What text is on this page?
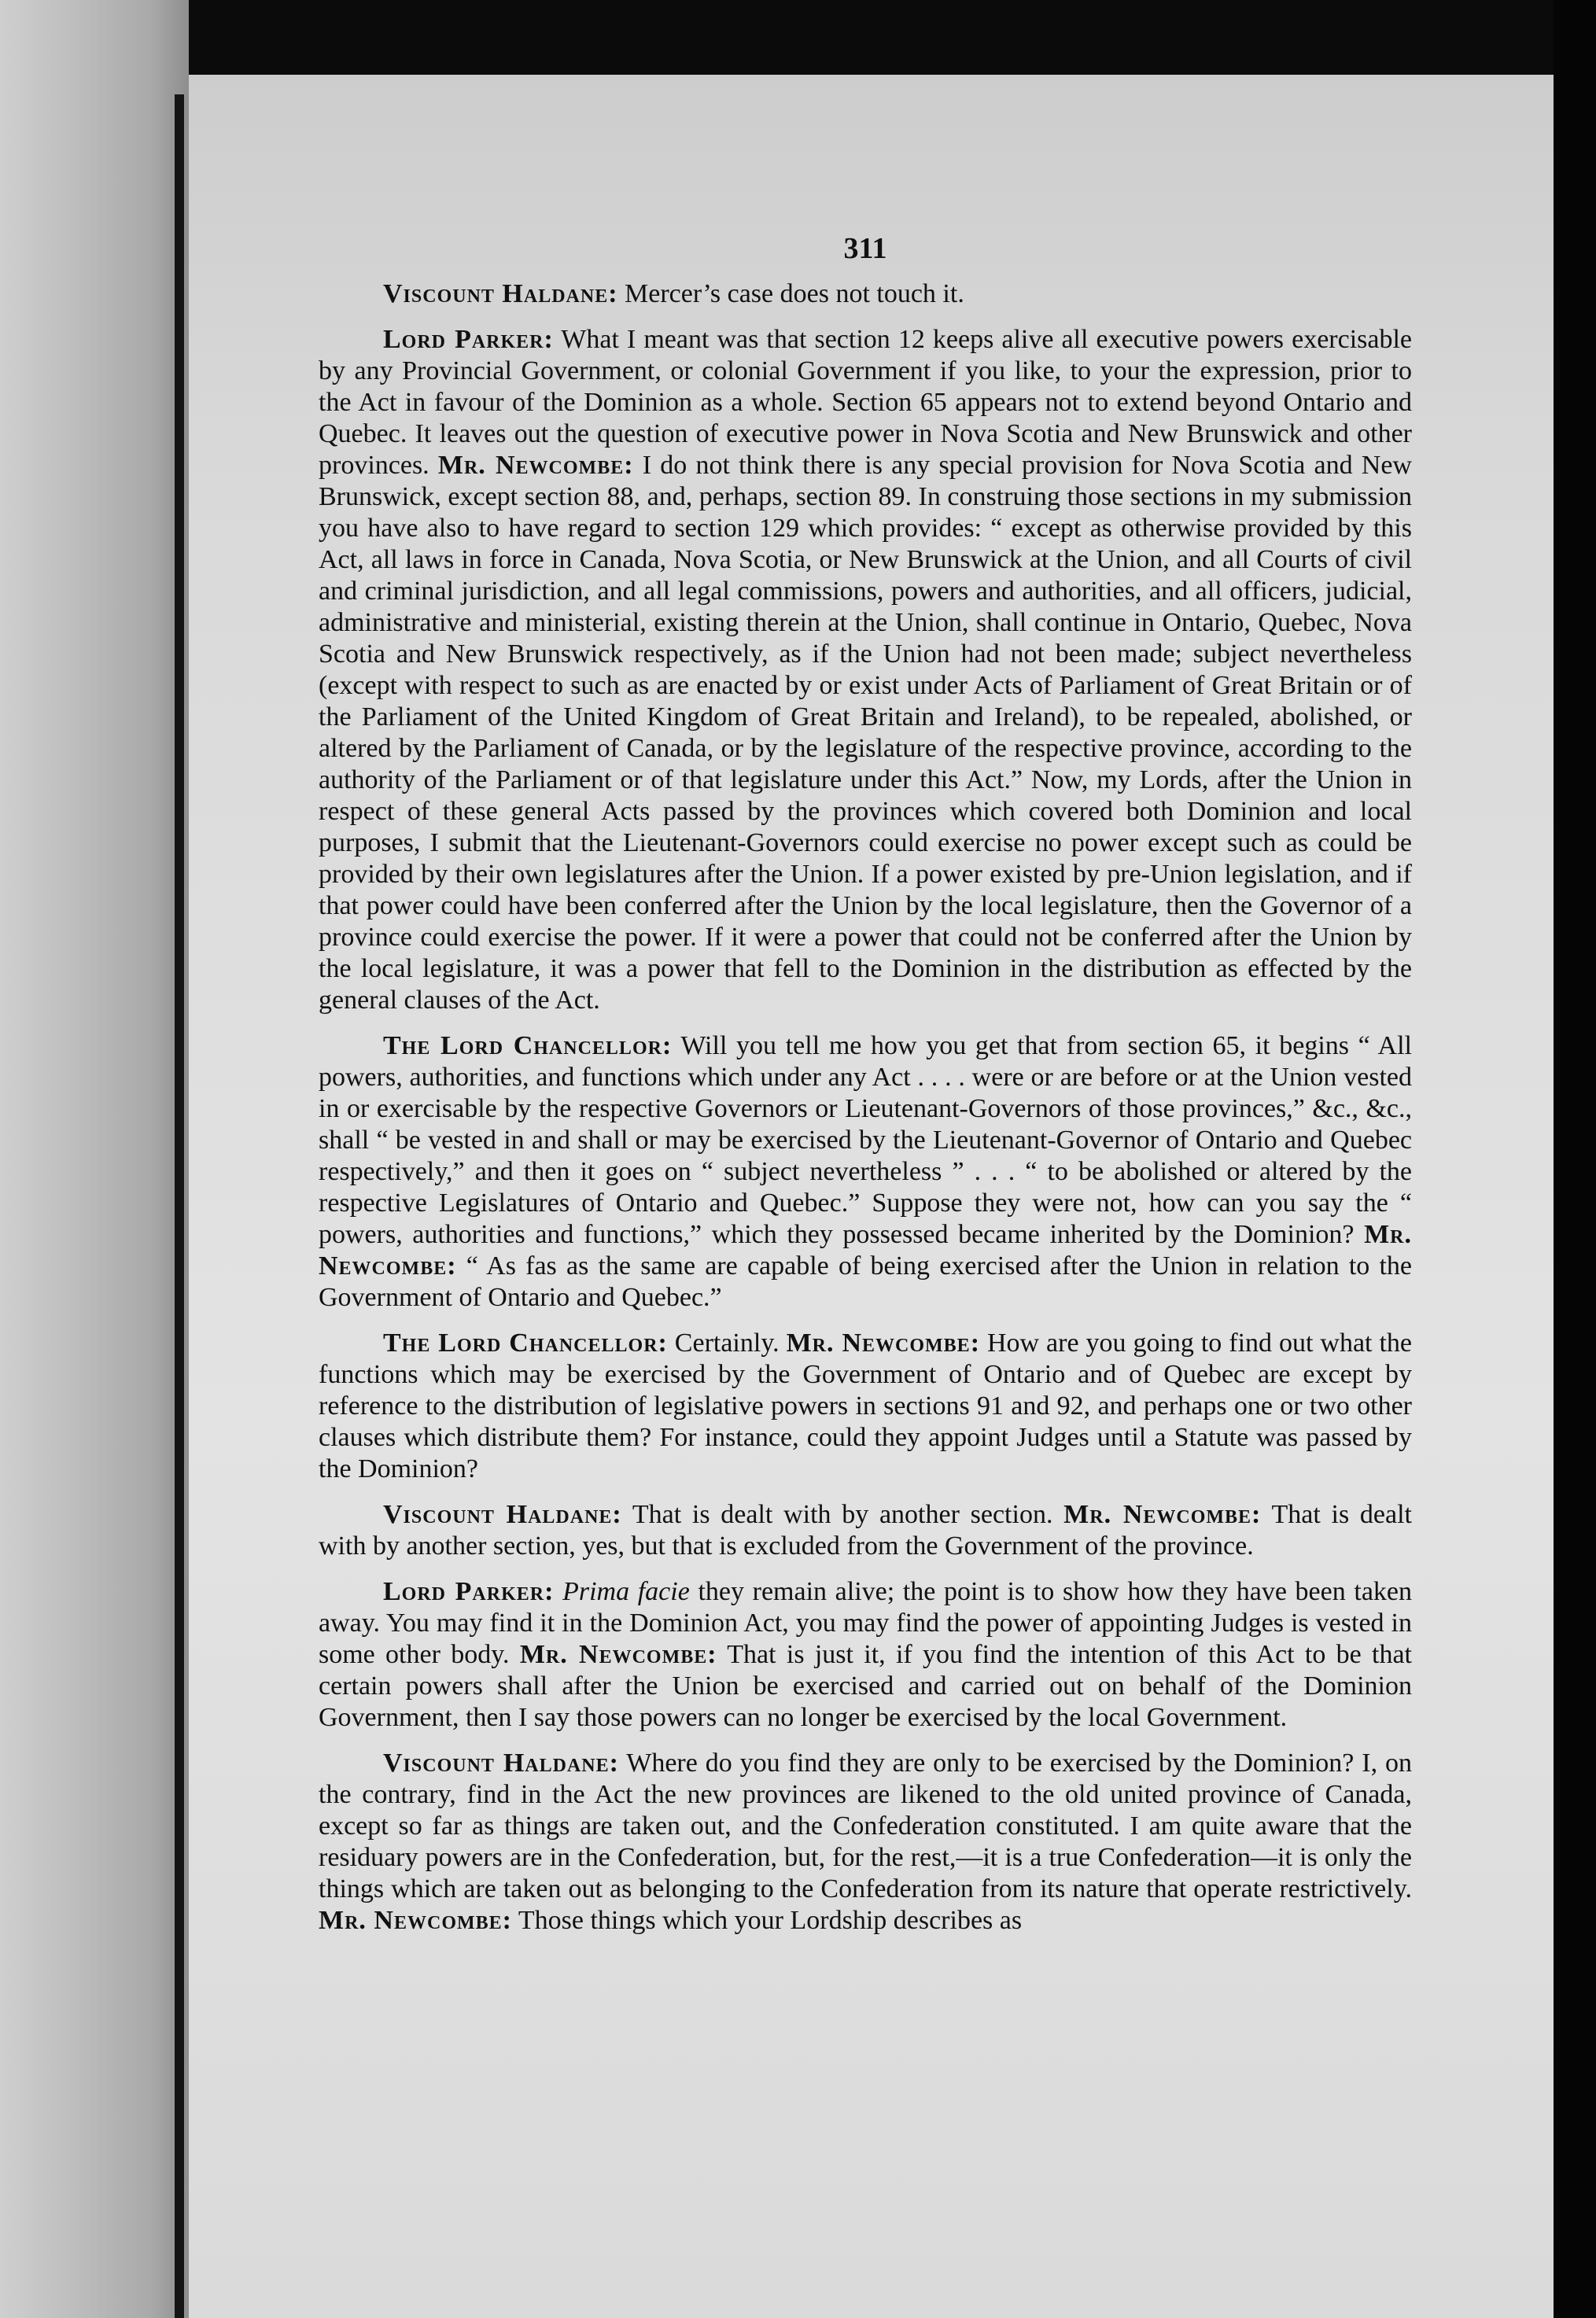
311

Viscount Haldane: Mercer’s case does not touch it.

Lord Parker: What I meant was that section 12 keeps alive all executive powers exercisable by any Provincial Government, or colonial Government if you like, to your the expression, prior to the Act in favour of the Dominion as a whole. Section 65 appears not to extend beyond Ontario and Quebec. It leaves out the question of executive power in Nova Scotia and New Brunswick and other provinces. Mr. Newcombe: I do not think there is any special provision for Nova Scotia and New Brunswick, except section 88, and, perhaps, section 89. In construing those sections in my submission you have also to have regard to section 129 which provides: “ except as otherwise provided by this Act, all laws in force in Canada, Nova Scotia, or New Brunswick at the Union, and all Courts of civil and criminal jurisdiction, and all legal commissions, powers and authorities, and all officers, judicial, administrative and ministerial, existing therein at the Union, shall continue in Ontario, Quebec, Nova Scotia and New Brunswick respectively, as if the Union had not been made; subject nevertheless (except with respect to such as are enacted by or exist under Acts of Parliament of Great Britain or of the Parliament of the United Kingdom of Great Britain and Ireland), to be repealed, abolished, or altered by the Parliament of Canada, or by the legislature of the respective province, according to the authority of the Parliament or of that legislature under this Act.” Now, my Lords, after the Union in respect of these general Acts passed by the provinces which covered both Dominion and local purposes, I submit that the Lieutenant-Governors could exercise no power except such as could be provided by their own legislatures after the Union. If a power existed by pre-Union legislation, and if that power could have been conferred after the Union by the local legislature, then the Governor of a province could exercise the power. If it were a power that could not be conferred after the Union by the local legislature, it was a power that fell to the Dominion in the distribution as effected by the general clauses of the Act.

The Lord Chancellor: Will you tell me how you get that from section 65, it begins “ All powers, authorities, and functions which under any Act . . . . were or are before or at the Union vested in or exercisable by the respective Governors or Lieutenant-Governors of those provinces,” &c., &c., shall “ be vested in and shall or may be exercised by the Lieutenant-Governor of Ontario and Quebec respectively,” and then it goes on “ subject nevertheless ” . . . “ to be abolished or altered by the respective Legislatures of Ontario and Quebec.” Suppose they were not, how can you say the “ powers, authorities and functions,” which they possessed became inherited by the Dominion? Mr. Newcombe: “ As fas as the same are capable of being exercised after the Union in relation to the Government of Ontario and Quebec.”

The Lord Chancellor: Certainly. Mr. Newcombe: How are you going to find out what the functions which may be exercised by the Government of Ontario and of Quebec are except by reference to the distribution of legislative powers in sections 91 and 92, and perhaps one or two other clauses which distribute them? For instance, could they appoint Judges until a Statute was passed by the Dominion?

Viscount Haldane: That is dealt with by another section. Mr. Newcombe: That is dealt with by another section, yes, but that is excluded from the Government of the province.

Lord Parker: Prima facie they remain alive; the point is to show how they have been taken away. You may find it in the Dominion Act, you may find the power of appointing Judges is vested in some other body. Mr. Newcombe: That is just it, if you find the intention of this Act to be that certain powers shall after the Union be exercised and carried out on behalf of the Dominion Government, then I say those powers can no longer be exercised by the local Government.

Viscount Haldane: Where do you find they are only to be exercised by the Dominion? I, on the contrary, find in the Act the new provinces are likened to the old united province of Canada, except so far as things are taken out, and the Confederation constituted. I am quite aware that the residuary powers are in the Confederation, but, for the rest,—it is a true Confederation—it is only the things which are taken out as belonging to the Confederation from its nature that operate restrictively. Mr. Newcombe: Those things which your Lordship describes as
